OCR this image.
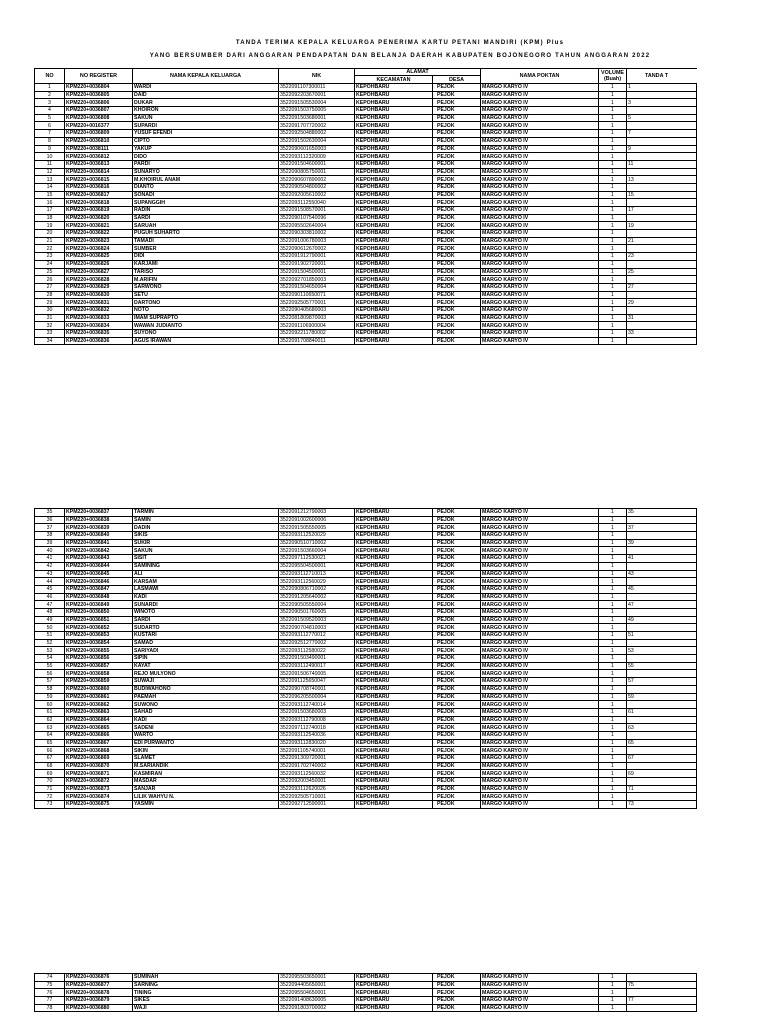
TANDA TERIMA KEPALA KELUARGA PENERIMA KARTU PETANI MANDIRI (KPM) Plus
YANG BERSUMBER DARI ANGGARAN PENDAPATAN DAN BELANJA DAERAH KABUPATEN BOJONEGORO TAHUN ANGGARAN 2022
NO	NO REGISTER	NAMA KEPALA KELUARGA	NIK	ALAMAT		NAMA POKTAN	VOLUME
(Buah)	TANDA T
				KECAMATAN	DESA			
1	KPM220+0036804	WARDI	3522091107300011	KEPOHBARU	PEJOK	MARGO KARYO IV	1	1
2	KPM220+0036805	DAID	3522092203670001	KEPOHBARU	PEJOK	MARGO KARYO IV	1	
3	KPM220+0036806	DUKAR	3522091505530004	KEPOHBARU	PEJOK	MARGO KARYO IV	1	3
4	KPM220+0036807	KHOIRON	3522091503750005	KEPOHBARU	PEJOK	MARGO KARYO IV	1	
5	KPM220+0036808	SAKUN	3522091503680001	KEPOHBARU	PEJOK	MARGO KARYO IV	1	5
6	KPM220+0016377	SUPARDI	3522091707720002	KEPOHBARU	PEJOK	MARGO KARYO IV	1	
7	KPM220+0036809	YUSUF EFENDI	3522092504880002	KEPOHBARU	PEJOK	MARGO KARYO IV	1	7
8	KPM220+0036810	CIPTO	3522091502630004	KEPOHBARU	PEJOK	MARGO KARYO IV	1	
9	KPM220+0038111	YAKUP	3522090601650003	KEPOHBARU	PEJOK	MARGO KARYO IV	1	9
10	KPM220+0036812	DIDO	3522093112320009	KEPOHBARU	PEJOK	MARGO KARYO IV	1	
11	KPM220+0036813	PARDI	3522091504600001	KEPOHBARU	PEJOK	MARGO KARYO IV	1	11
12	KPM220+0036814	SUNARYO	3522090805750001	KEPOHBARU	PEJOK	MARGO KARYO IV	1	
13	KPM220+0036815	M.KHOIRUL ANAM	3522090607890002	KEPOHBARU	PEJOK	MARGO KARYO IV	1	13
14	KPM220+0036816	DIANTO	3522090504800002	KEPOHBARU	PEJOK	MARGO KARYO IV	1	
15	KPM220+0036817	SONADI	3522092005610002	KEPOHBARU	PEJOK	MARGO KARYO IV	1	15
16	KPM220+0036818	SUPANGGIH	3522093112550040	KEPOHBARU	PEJOK	MARGO KARYO IV	1	
17	KPM220+0036819	RADIN	3522091508570001	KEPOHBARU	PEJOK	MARGO KARYO IV	1	17
18	KPM220+0036820	SARDI	3522090107540096	KEPOHBARU	PEJOK	MARGO KARYO IV	1	
19	KPM220+0036821	SARUAH	3522095502640004	KEPOHBARU	PEJOK	MARGO KARYO IV	1	19
20	KPM220+0036822	PUGUH SUHARTO	3522090303810002	KEPOHBARU	PEJOK	MARGO KARYO IV	1	
21	KPM220+0036823	TAMADI	3522091006780003	KEPOHBARU	PEJOK	MARGO KARYO IV	1	21
22	KPM220+0036824	SUMBER	3522090612670002	KEPOHBARU	PEJOK	MARGO KARYO IV	1	
23	KPM220+0036825	DIDI	3522091912790001	KEPOHBARU	PEJOK	MARGO KARYO IV	1	23
24	KPM220+0036826	KARJAMI	3522091902720001	KEPOHBARU	PEJOK	MARGO KARYO IV	1	
25	KPM220+0036827	TARISO	3522091504500001	KEPOHBARU	PEJOK	MARGO KARYO IV	1	25
26	KPM220+0036828	M.ARIFIN	3522092701850003	KEPOHBARU	PEJOK	MARGO KARYO IV	1	
27	KPM220+0036829	SARWONO	3522091504650004	KEPOHBARU	PEJOK	MARGO KARYO IV	1	27
28	KPM220+0036830	SETU	3522090110650071	KEPOHBARU	PEJOK	MARGO KARYO IV	1	
29	KPM220+0036831	DARTONO	3522092505770001	KEPOHBARU	PEJOK	MARGO KARYO IV	1	29
30	KPM220+0036832	NOTO	3522090405680003	KEPOHBARU	PEJOK	MARGO KARYO IV	1	
31	KPM220+0036833	IMAM SUPRAPTO	3522081809870003	KEPOHBARU	PEJOK	MARGO KARYO IV	1	31
32	KPM220+0036834	WAWAN JUDIANTO	3522091106900004	KEPOHBARU	PEJOK	MARGO KARYO IV	1	
33	KPM220+0036835	SUYONO	3522092211780002	KEPOHBARU	PEJOK	MARGO KARYO IV	1	33
34	KPM220+0036836	AGUS IRAWAN	3522091708840011	KEPOHBARU	PEJOK	MARGO KARYO IV	1	
35	KPM220+0036837	TARMIN	3522091212790003	KEPOHBARU	PEJOK	MARGO KARYO IV	1	35
36	KPM220+0036838	SAMIN	3522091002600006	KEPOHBARU	PEJOK	MARGO KARYO IV	1	
37	KPM220+0036839	DADIN	3522091505550005	KEPOHBARU	PEJOK	MARGO KARYO IV	1	37
38	KPM220+0036840	SIKIS	3522093112520029	KEPOHBARU	PEJOK	MARGO KARYO IV	1	
39	KPM220+0036841	SUKIR	3522090510710002	KEPOHBARU	PEJOK	MARGO KARYO IV	1	39
40	KPM220+0036842	SAKUN	3522091503660004	KEPOHBARU	PEJOK	MARGO KARYO IV	1	
41	KPM220+0036843	SISIT	3522097112530021	KEPOHBARU	PEJOK	MARGO KARYO IV	1	41
42	KPM220+0036844	SAMINING	3522095504500001	KEPOHBARU	PEJOK	MARGO KARYO IV	1	
43	KPM220+0036845	ALI	3522093112710013	KEPOHBARU	PEJOK	MARGO KARYO IV	1	43
44	KPM220+0036846	KARSAM	3522093112560029	KEPOHBARU	PEJOK	MARGO KARYO IV	1	
45	KPM220+0036847	LASMAWI	3522090806710002	KEPOHBARU	PEJOK	MARGO KARYO IV	1	45
46	KPM220+0036848	KADI	3522091205640002	KEPOHBARU	PEJOK	MARGO KARYO IV	1	
47	KPM220+0036849	SUNARDI	3522090505550004	KEPOHBARU	PEJOK	MARGO KARYO IV	1	47
48	KPM220+0036850	WINOTO	3522090501760005	KEPOHBARU	PEJOK	MARGO KARYO IV	1	
49	KPM220+0036851	SARDI	3522091509520003	KEPOHBARU	PEJOK	MARGO KARYO IV	1	49
50	KPM220+0036852	SUDARTO	3522090704810003	KEPOHBARU	PEJOK	MARGO KARYO IV	1	
51	KPM220+0036853	KUSTARI	3522093112770012	KEPOHBARU	PEJOK	MARGO KARYO IV	1	51
52	KPM220+0036854	SAMAD	3522092512770002	KEPOHBARU	PEJOK	MARGO KARYO IV	1	
53	KPM220+0036855	SARIYADI	3522093112580022	KEPOHBARU	PEJOK	MARGO KARYO IV	1	53
54	KPM220+0036856	SIPIN	3522091503490001	KEPOHBARU	PEJOK	MARGO KARYO IV	1	
55	KPM220+0036857	KAYAT	3522093112490017	KEPOHBARU	PEJOK	MARGO KARYO IV	1	55
56	KPM220+0036858	REJO MULYONO	3522091506740005	KEPOHBARU	PEJOK	MARGO KARYO IV	1	
57	KPM220+0036859	SUWAJI	3522091125650047	KEPOHBARU	PEJOK	MARGO KARYO IV	1	57
58	KPM220+0036860	BUDIWAHONO	3522090708740001	KEPOHBARU	PEJOK	MARGO KARYO IV	1	
59	KPM220+0036861	PAEMAH	3522096205500004	KEPOHBARU	PEJOK	MARGO KARYO IV	1	59
60	KPM220+0036862	SUWONO	3522093112740014	KEPOHBARU	PEJOK	MARGO KARYO IV	1	
61	KPM220+0036863	SAHAD	3522091503680003	KEPOHBARU	PEJOK	MARGO KARYO IV	1	61
62	KPM220+0036864	KADI	3522093112790008	KEPOHBARU	PEJOK	MARGO KARYO IV	1	
63	KPM220+0036865	SADENI	3522097112740018	KEPOHBARU	PEJOK	MARGO KARYO IV	1	63
64	KPM220+0036866	WARTO	3522093112540036	KEPOHBARU	PEJOK	MARGO KARYO IV	1	
65	KPM220+0036867	EDI PURWANTO	3522093112830020	KEPOHBARU	PEJOK	MARGO KARYO IV	1	65
66	KPM220+0036868	SIKIN	3522091105740001	KEPOHBARU	PEJOK	MARGO KARYO IV	1	
67	KPM220+0036869	SLAMET	3522091309720001	KEPOHBARU	PEJOK	MARGO KARYO IV	1	67
68	KPM220+0036870	M.SARIANDIK	3522091702740002	KEPOHBARU	PEJOK	MARGO KARYO IV	1	
69	KPM220+0036871	KASMIRAN	3522093112560032	KEPOHBARU	PEJOK	MARGO KARYO IV	1	69
70	KPM220+0036872	MASDAR	3522092003450001	KEPOHBARU	PEJOK	MARGO KARYO IV	1	
71	KPM220+0036873	SANJAR	3522093112620026	KEPOHBARU	PEJOK	MARGO KARYO IV	1	71
72	KPM220+0036874	LILIK WAHYU N.	3522092505710001	KEPOHBARU	PEJOK	MARGO KARYO IV	1	
73	KPM220+0036875	YASMIN	3522092712590001	KEPOHBARU	PEJOK	MARGO KARYO IV	1	73
74	KPM220+0036876	SUMINAH	3522095503650001	KEPOHBARU	PEJOK	MARGO KARYO IV	1	
75	KPM220+0036877	SARNING	3522094405650001	KEPOHBARU	PEJOK	MARGO KARYO IV	1	75
76	KPM220+0036878	TINING	3522095504650001	KEPOHBARU	PEJOK	MARGO KARYO IV	1	
77	KPM220+0036879	SIKES	3522091408630005	KEPOHBARU	PEJOK	MARGO KARYO IV	1	77
78	KPM220+0036880	WAJI	3522091803700002	KEPOHBARU	PEJOK	MARGO KARYO IV	1	
